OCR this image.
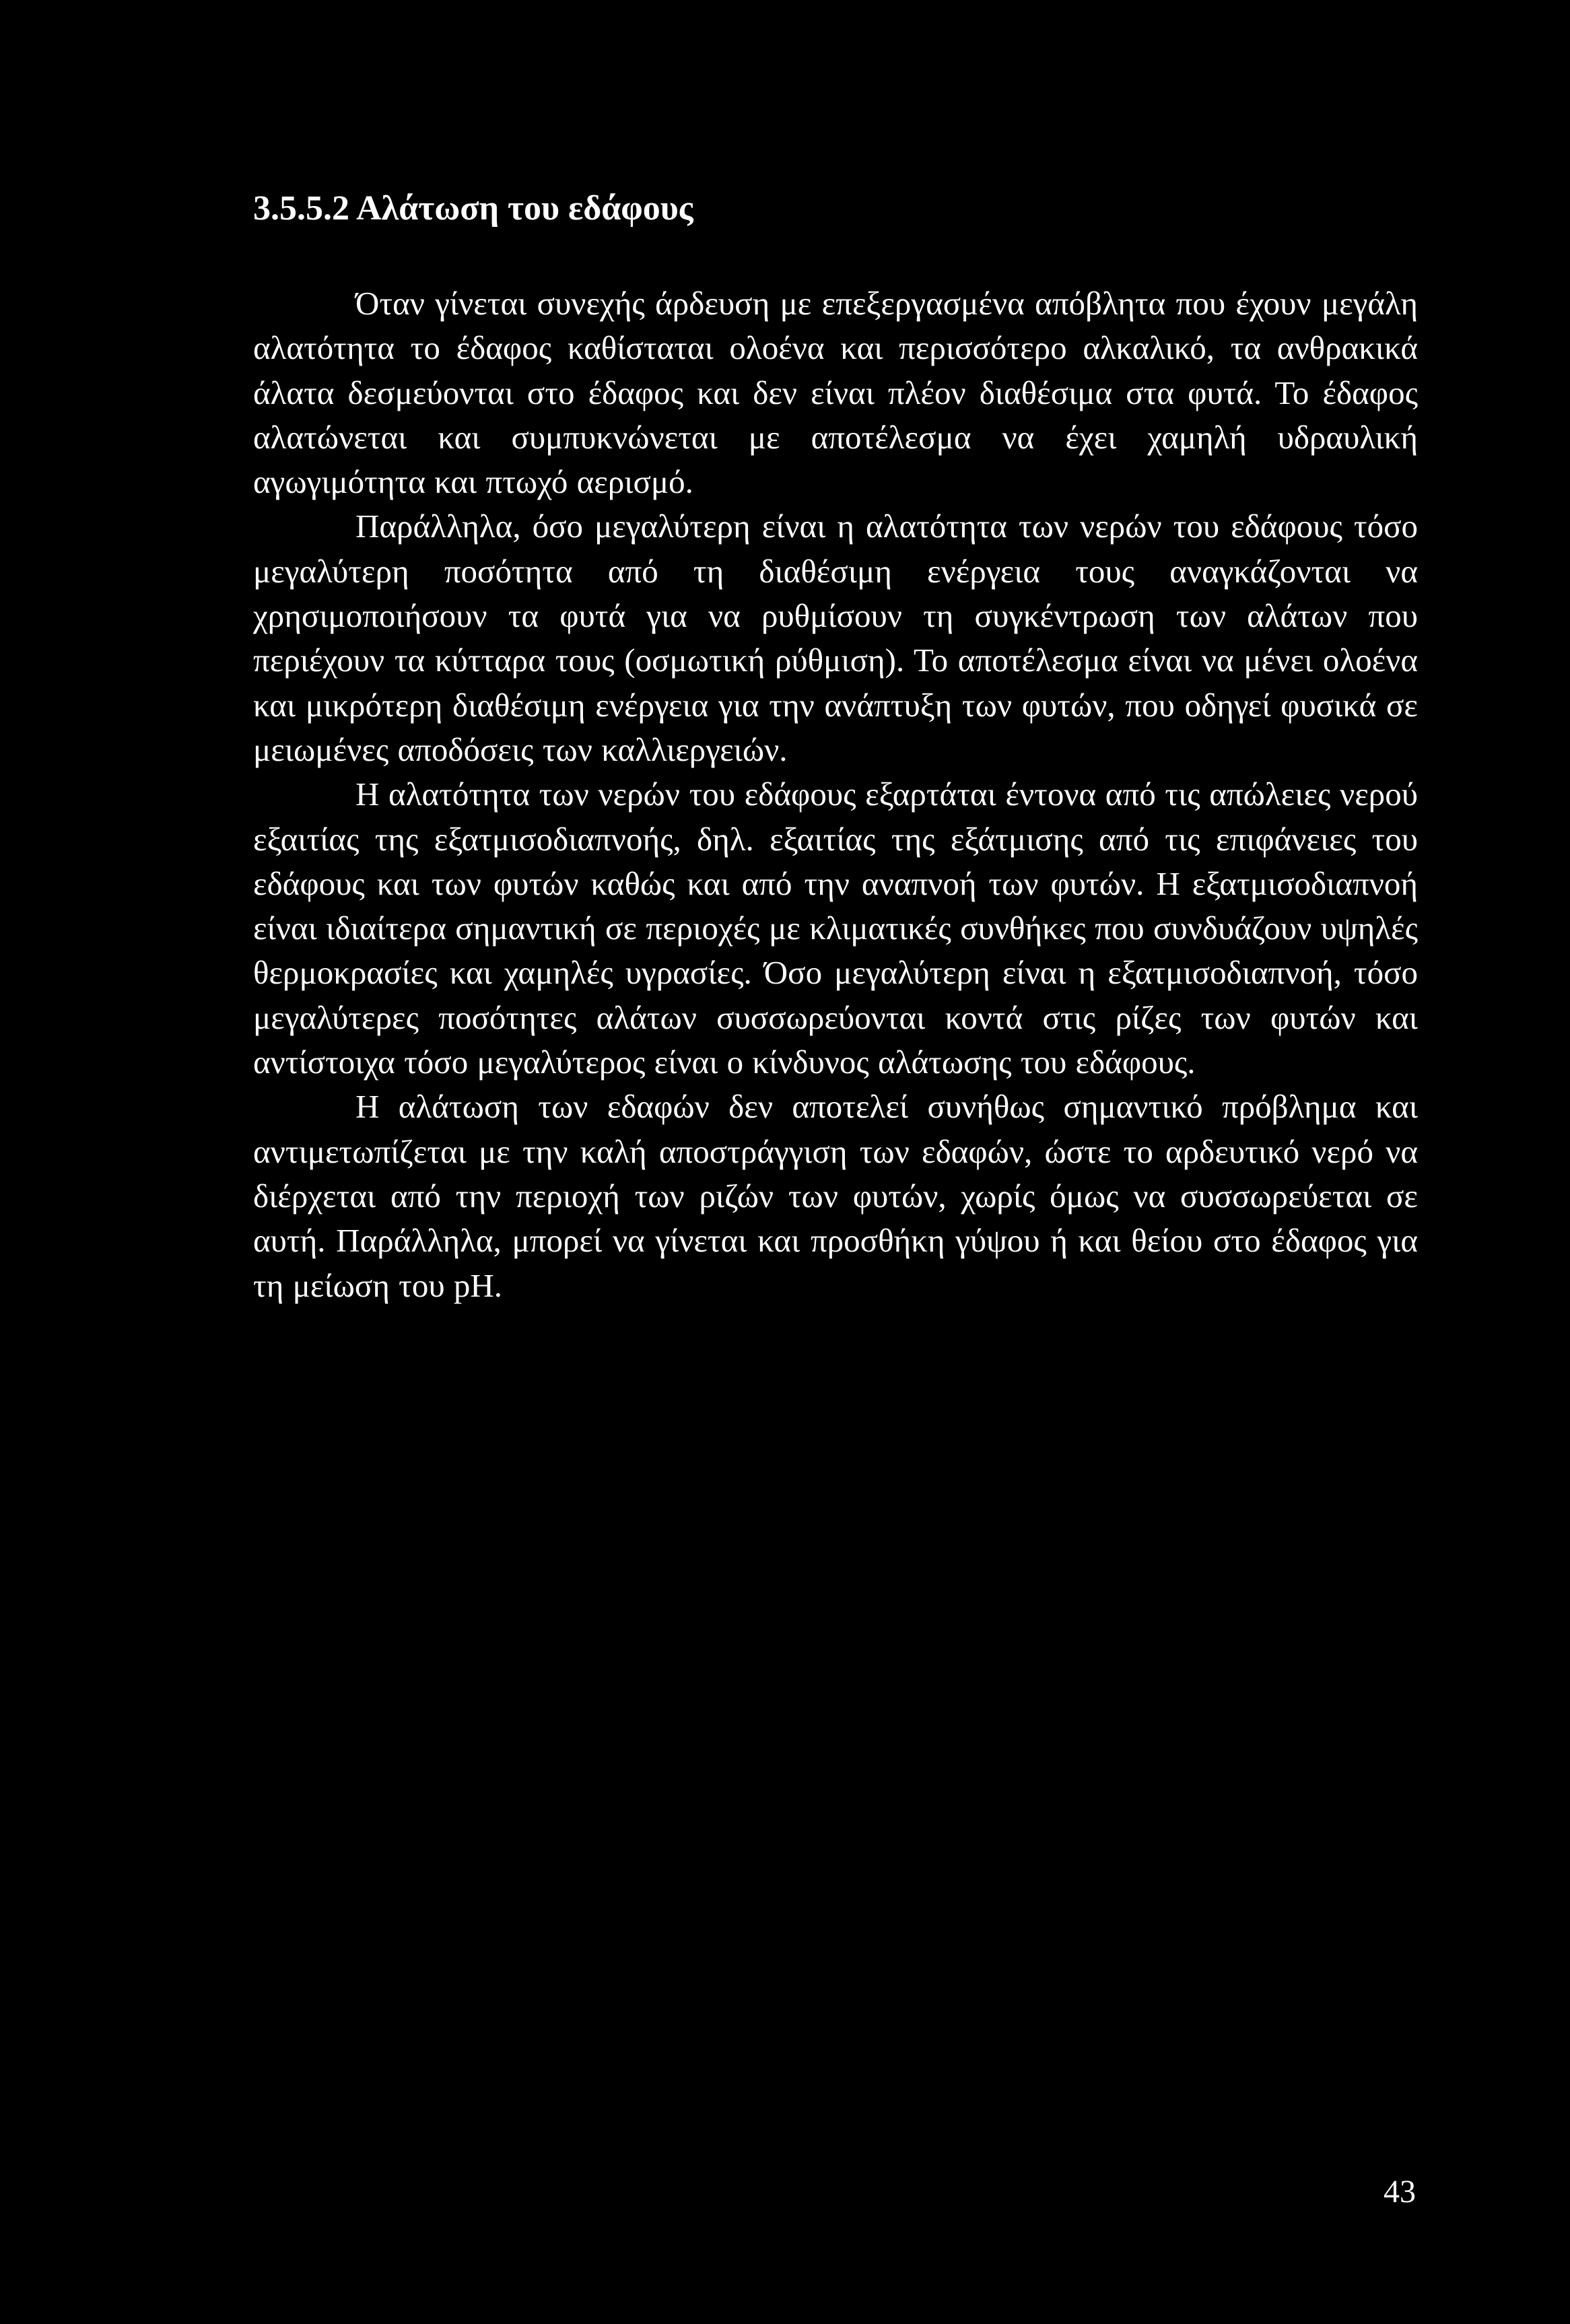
3.5.5.2 Αλάτωση του εδάφους

Όταν γίνεται συνεχής άρδευση με επεξεργασμένα απόβλητα που έχουν μεγάλη αλατότητα το έδαφος καθίσταται ολοένα και περισσότερο αλκαλικό, τα ανθρακικά άλατα δεσμεύονται στο έδαφος και δεν είναι πλέον διαθέσιμα στα φυτά. Το έδαφος αλατώνεται και συμπυκνώνεται με αποτέλεσμα να έχει χαμηλή υδραυλική αγωγιμότητα και πτωχό αερισμό.

Παράλληλα, όσο μεγαλύτερη είναι η αλατότητα των νερών του εδάφους τόσο μεγαλύτερη ποσότητα από τη διαθέσιμη ενέργεια τους αναγκάζονται να χρησιμοποιήσουν τα φυτά για να ρυθμίσουν τη συγκέντρωση των αλάτων που περιέχουν τα κύτταρα τους (οσμωτική ρύθμιση). Το αποτέλεσμα είναι να μένει ολοένα και μικρότερη διαθέσιμη ενέργεια για την ανάπτυξη των φυτών, που οδηγεί φυσικά σε μειωμένες αποδόσεις των καλλιεργειών.

Η αλατότητα των νερών του εδάφους εξαρτάται έντονα από τις απώλειες νερού εξαιτίας της εξατμισοδιαπνοής, δηλ. εξαιτίας της εξάτμισης από τις επιφάνειες του εδάφους και των φυτών καθώς και από την αναπνοή των φυτών. Η εξατμισοδιαπνοή είναι ιδιαίτερα σημαντική σε περιοχές με κλιματικές συνθήκες που συνδυάζουν υψηλές θερμοκρασίες και χαμηλές υγρασίες. Όσο μεγαλύτερη είναι η εξατμισοδιαπνοή, τόσο μεγαλύτερες ποσότητες αλάτων συσσωρεύονται κοντά στις ρίζες των φυτών και αντίστοιχα τόσο μεγαλύτερος είναι ο κίνδυνος αλάτωσης του εδάφους.

Η αλάτωση των εδαφών δεν αποτελεί συνήθως σημαντικό πρόβλημα και αντιμετωπίζεται με την καλή αποστράγγιση των εδαφών, ώστε το αρδευτικό νερό να διέρχεται από την περιοχή των ριζών των φυτών, χωρίς όμως να συσσωρεύεται σε αυτή. Παράλληλα, μπορεί να γίνεται και προσθήκη γύψου ή και θείου στο έδαφος για τη μείωση του pH.

43
